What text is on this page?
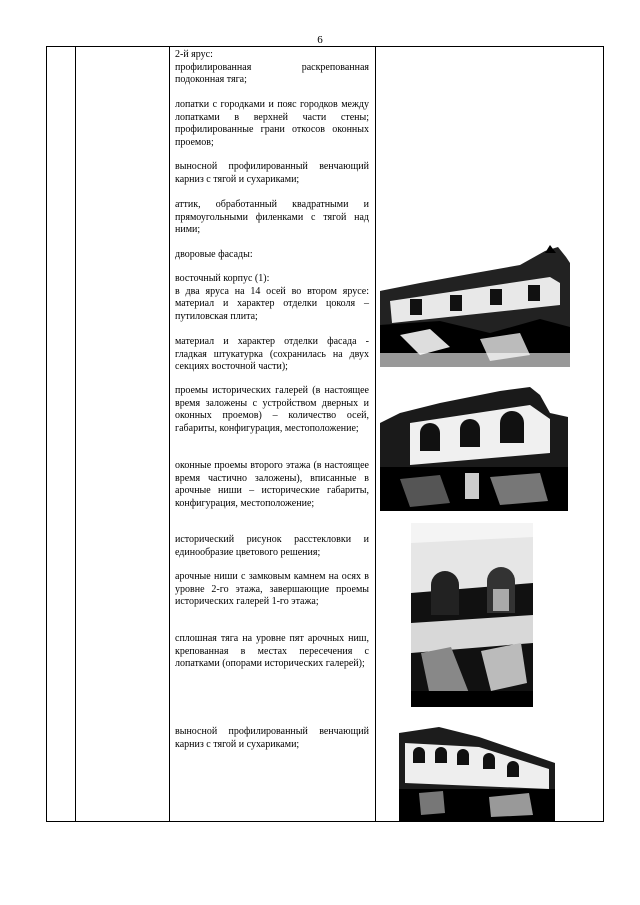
6
2-й ярус:
профилированная раскрепованная подоконная тяга;
лопатки с городками и пояс городков между лопатками в верхней части стены; профилированные грани откосов оконных проемов;
выносной профилированный венчающий карниз с тягой и сухариками;
аттик, обработанный квадратными и прямоугольными филенками с тягой над ними;
дворовые фасады:
восточный корпус (1):
в два яруса на 14 осей во втором ярусе: материал и характер отделки цоколя – путиловская плита;
материал и характер отделки фасада - гладкая штукатурка (сохранилась на двух секциях восточной части);
проемы исторических галерей (в настоящее время заложены с устройством дверных и оконных проемов) – количество осей, габариты, конфигурация, местоположение;
оконные проемы второго этажа (в настоящее время частично заложены), вписанные в арочные ниши – исторические габариты, конфигурация, местоположение;
исторический рисунок расстекловки и единообразие цветового решения;
арочные ниши с замковым камнем на осях в уровне 2-го этажа, завершающие проемы исторических галерей 1-го этажа;
сплошная тяга на уровне пят арочных ниш, крепованная в местах пересечения с лопатками (опорами исторических галерей);
выносной профилированный венчающий карниз с тягой и сухариками;
